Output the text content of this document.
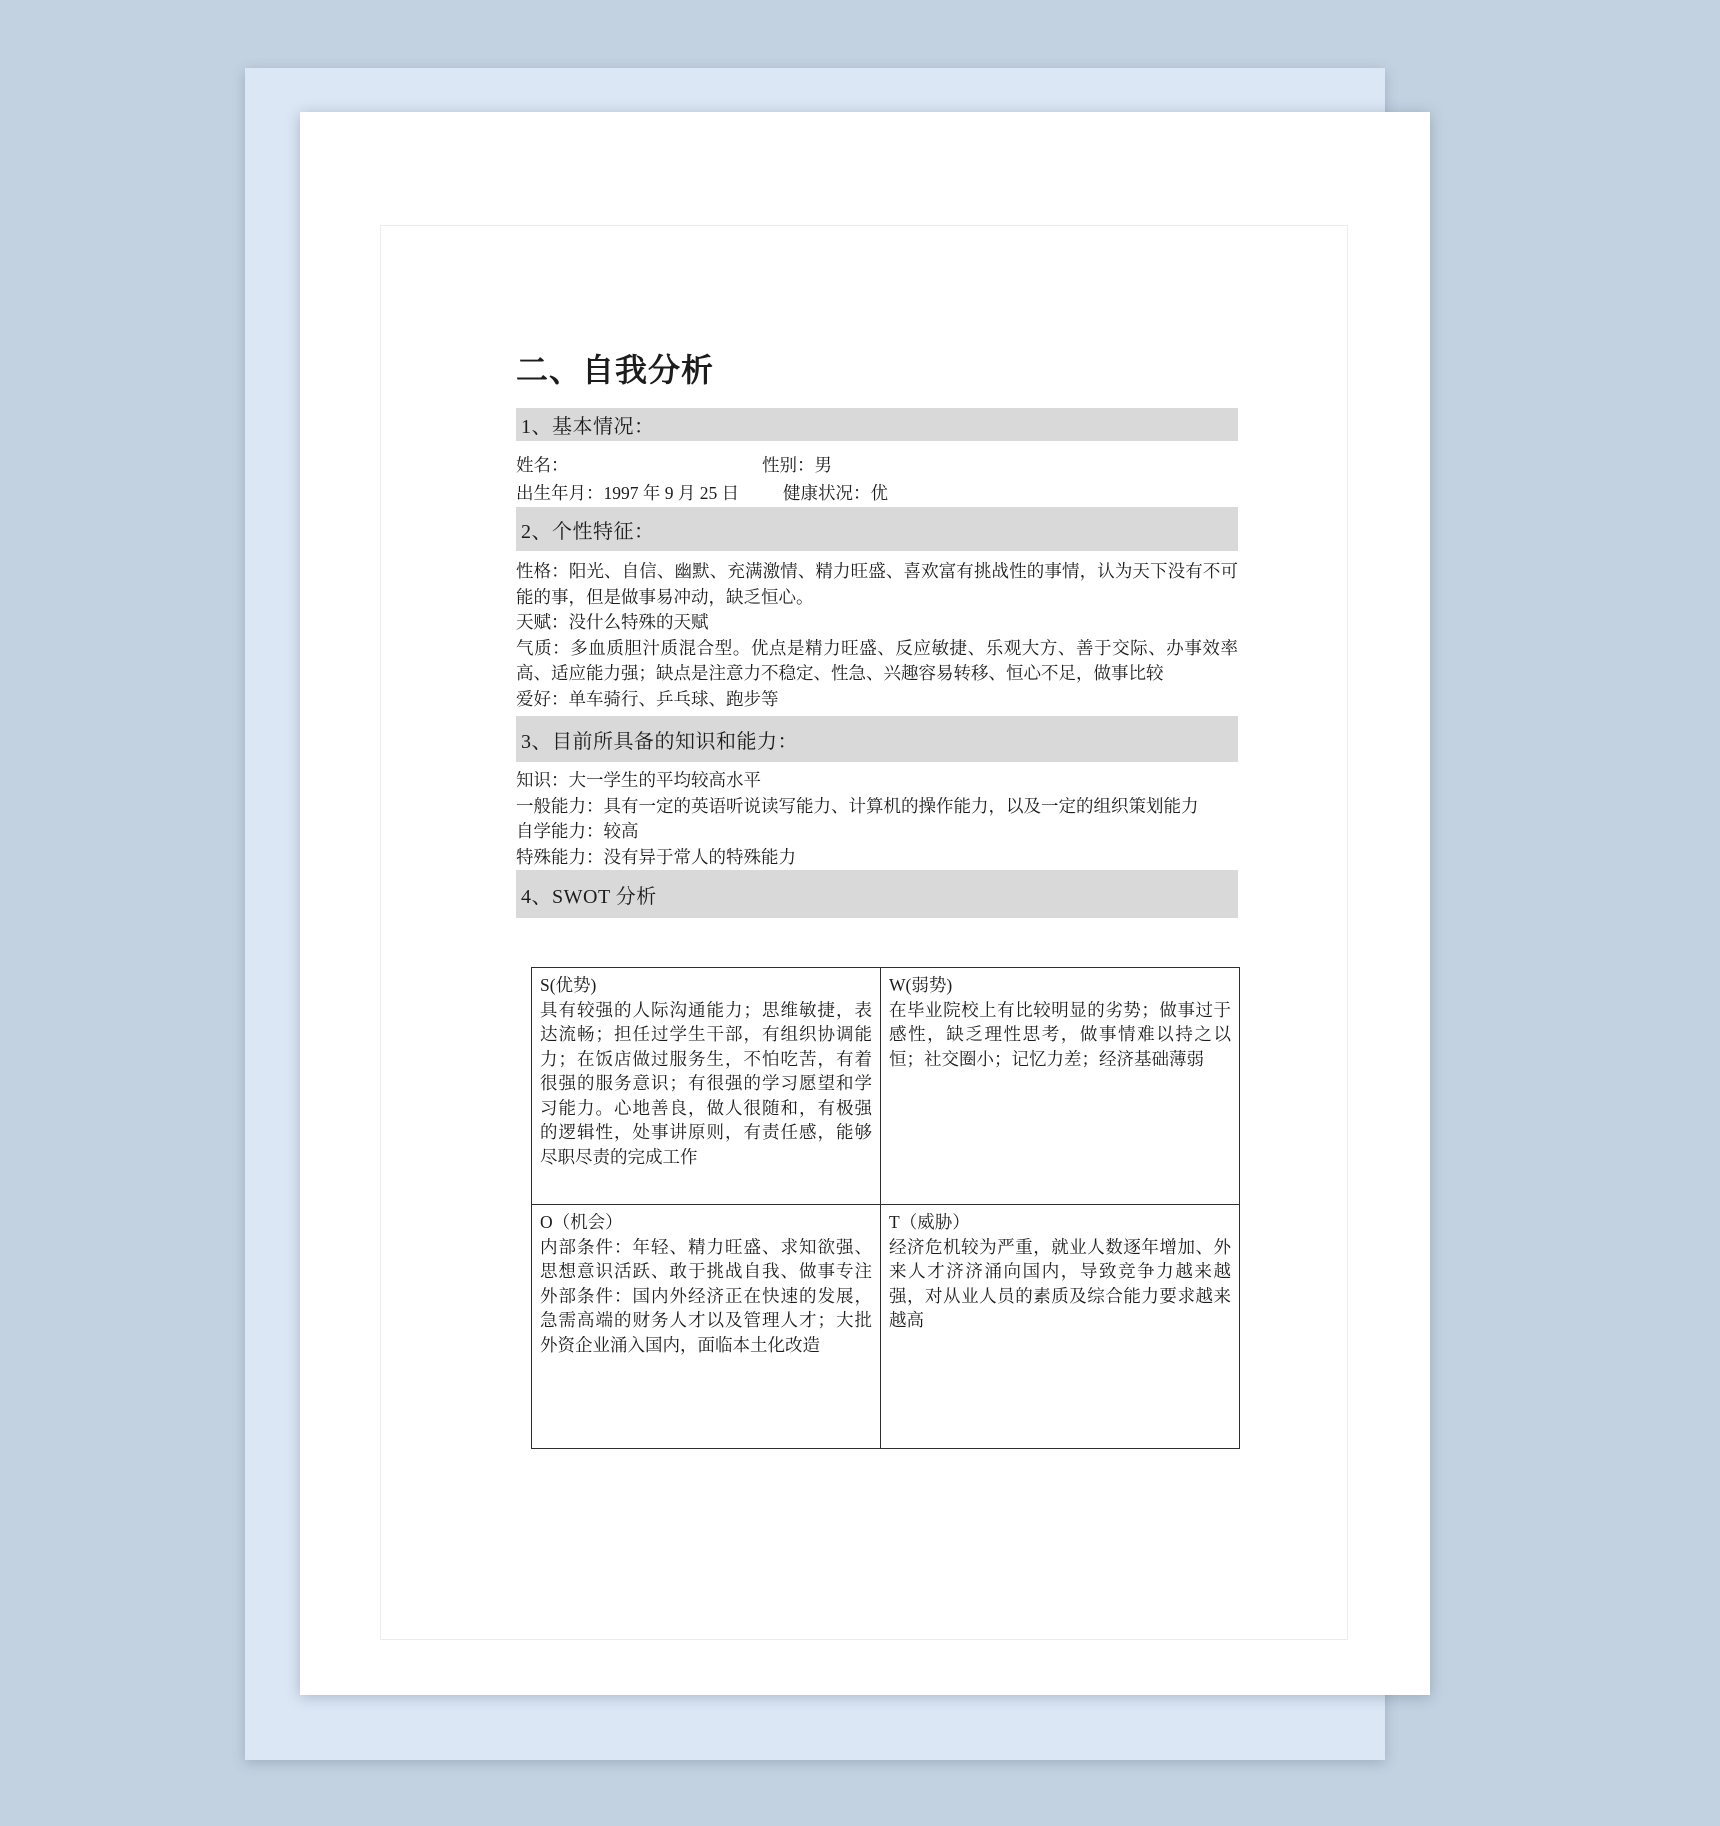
二、自我分析
1、基本情况：
姓名：	性别：男
出生年月：1997 年 9 月 25 日	健康状况：优
2、个性特征：

性格：阳光、自信、幽默、充满激情、精力旺盛、喜欢富有挑战性的事情，认为天下没有不可能的事，但是做事易冲动，缺乏恒心。

天赋：没什么特殊的天赋

气质：多血质胆汁质混合型。优点是精力旺盛、反应敏捷、乐观大方、善于交际、办事效率高、适应能力强；缺点是注意力不稳定、性急、兴趣容易转移、恒心不足，做事比较

爱好：单车骑行、乒乓球、跑步等

3、目前所具备的知识和能力：

知识：大一学生的平均较高水平

一般能力：具有一定的英语听说读写能力、计算机的操作能力，以及一定的组织策划能力

自学能力：较高

特殊能力：没有异于常人的特殊能力

4、SWOT 分析
S(优势)
具有较强的人际沟通能力；思维敏捷，表达流畅；担任过学生干部，有组织协调能力；在饭店做过服务生，不怕吃苦，有着很强的服务意识；有很强的学习愿望和学习能力。心地善良，做人很随和，有极强的逻辑性，处事讲原则，有责任感，能够尽职尽责的完成工作
W(弱势)
在毕业院校上有比较明显的劣势；做事过于感性，缺乏理性思考，做事情难以持之以恒；社交圈小；记忆力差；经济基础薄弱
O（机会）
内部条件：年轻、精力旺盛、求知欲强、思想意识活跃、敢于挑战自我、做事专注 外部条件：国内外经济正在快速的发展，急需高端的财务人才以及管理人才；大批外资企业涌入国内，面临本土化改造
T（威胁）
经济危机较为严重，就业人数逐年增加、外来人才济济涌向国内，导致竞争力越来越强，对从业人员的素质及综合能力要求越来越高
